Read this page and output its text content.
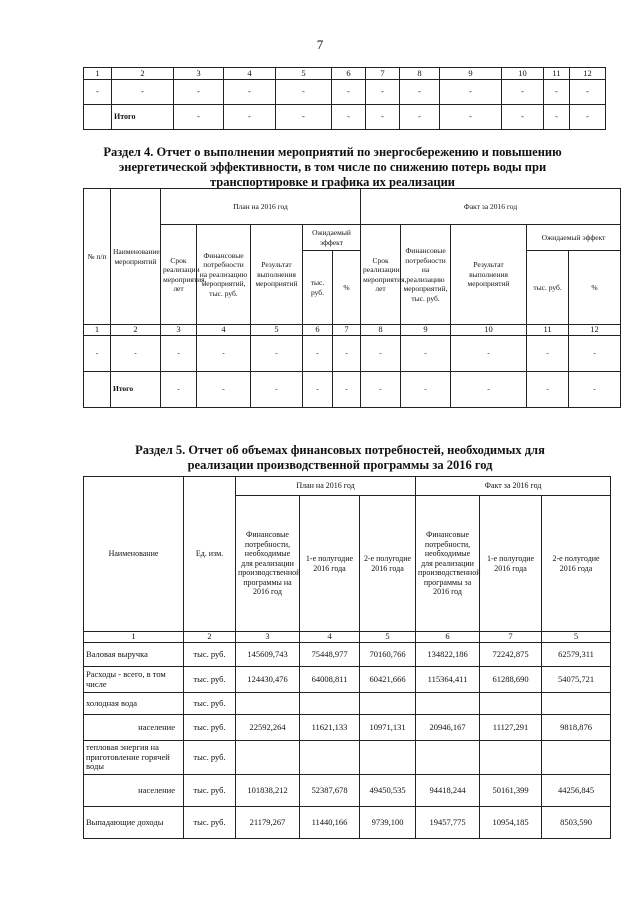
7
1	2	3	4	5	6	7	8	9	10	11	12
-	-	-	-	-	-	-	-	-	-	-	-
	Итого	-	-	-	-	-	-	-	-	-	-
Раздел 4. Отчет о выполнении мероприятий по энергосбережению и повышению энергетической эффективности, в том числе по снижению потерь воды при транспортировке и графика их реализации
№ п/п	Наименование мероприятий	План на 2016 год					Факт за 2016 год				
		Срок реализации мероприятия, лет	Финансовые потребности на реализацию мероприятий, тыс. руб.	Результат выполнения мероприятий	Ожидаемый эффект		Срок реализации мероприятия, лет	Финансовые потребности на реализацию мероприятий, тыс. руб.	Результат выполнения мероприятий	Ожидаемый эффект	
					тыс. руб.	%				тыс. руб.	%
1	2	3	4	5	6	7	8	9	10	11	12
-	-	-	-	-	-	-	-	-	-	-	-
	Итого	-	-	-	-	-	-	-	-	-	-
Раздел 5. Отчет об объемах финансовых потребностей, необходимых для реализации производственной программы за 2016 год
Наименование	Ед. изм.	План на 2016 год			Факт за 2016 год		
		Финансовые потребности, необходимые для реализации производственной программы на 2016 год	1-е полугодие 2016 года	2-е полугодие 2016 года	Финансовые потребности, необходимые для реализации производственной программы за 2016 год	1-е полугодие 2016 года	2-е полугодие 2016 года
1	2	3	4	5	6	7	5
Валовая выручка	тыс. руб.	145609,743	75448,977	70160,766	134822,186	72242,875	62579,311
Расходы - всего, в том числе	тыс. руб.	124430,476	64008,811	60421,666	115364,411	61288,690	54075,721
холодная вода	тыс. руб.						
население	тыс. руб.	22592,264	11621,133	10971,131	20946,167	11127,291	9818,876
тепловая энергия на приготовление горячей воды	тыс. руб.						
население	тыс. руб.	101838,212	52387,678	49450,535	94418,244	50161,399	44256,845
Выпадающие доходы	тыс. руб.	21179,267	11440,166	9739,100	19457,775	10954,185	8503,590
